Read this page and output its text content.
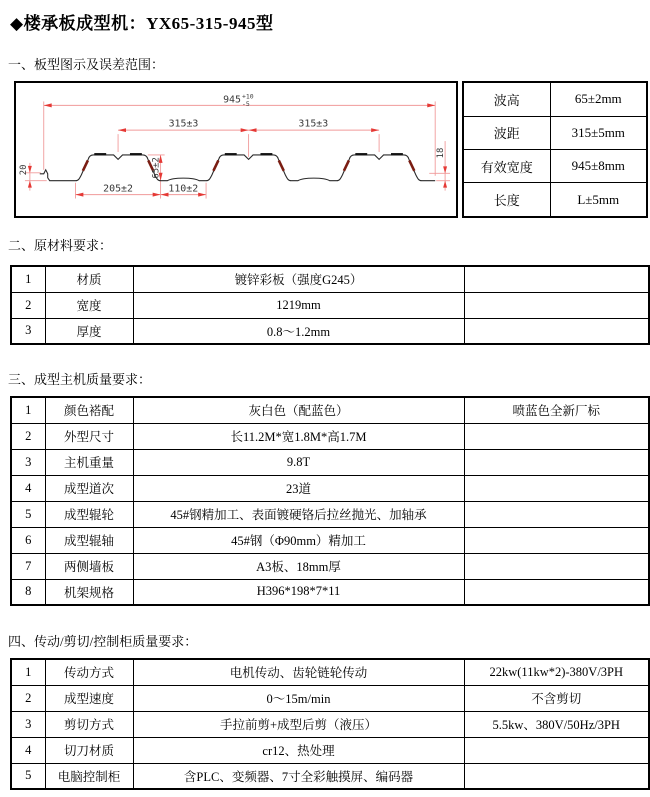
◆楼承板成型机：YX65-315-945型
一、板型图示及误差范围：
945 +10
-5
315±3	315±3
65±2
205±2	110±2
20
18
波高	65±2mm
波距	315±5mm
有效宽度	945±8mm
长度	L±5mm
二、原材料要求：
1	材质	镀锌彩板（强度G245）	
2	宽度	1219mm	
3	厚度	0.8～1.2mm	
三、成型主机质量要求：
1	颜色褡配	灰白色（配蓝色）	喷蓝色全新厂标
2	外型尺寸	长11.2M*宽1.8M*高1.7M	
3	主机重量	9.8T	
4	成型道次	23道	
5	成型辊轮	45#钢精加工、表面镀硬铬后拉丝抛光、加轴承	
6	成型辊轴	45#钢（Φ90mm）精加工	
7	两侧墙板	A3板、18mm厚	
8	机架规格	H396*198*7*11	
四、传动/剪切/控制柜质量要求：
1	传动方式	电机传动、齿轮链轮传动	22kw(11kw*2)-380V/3PH
2	成型速度	0～15m/min	不含剪切
3	剪切方式	手拉前剪+成型后剪（液压）	5.5kw、380V/50Hz/3PH
4	切刀材质	cr12、热处理	
5	电脑控制柜	含PLC、变频器、7寸全彩触摸屏、编码器	
